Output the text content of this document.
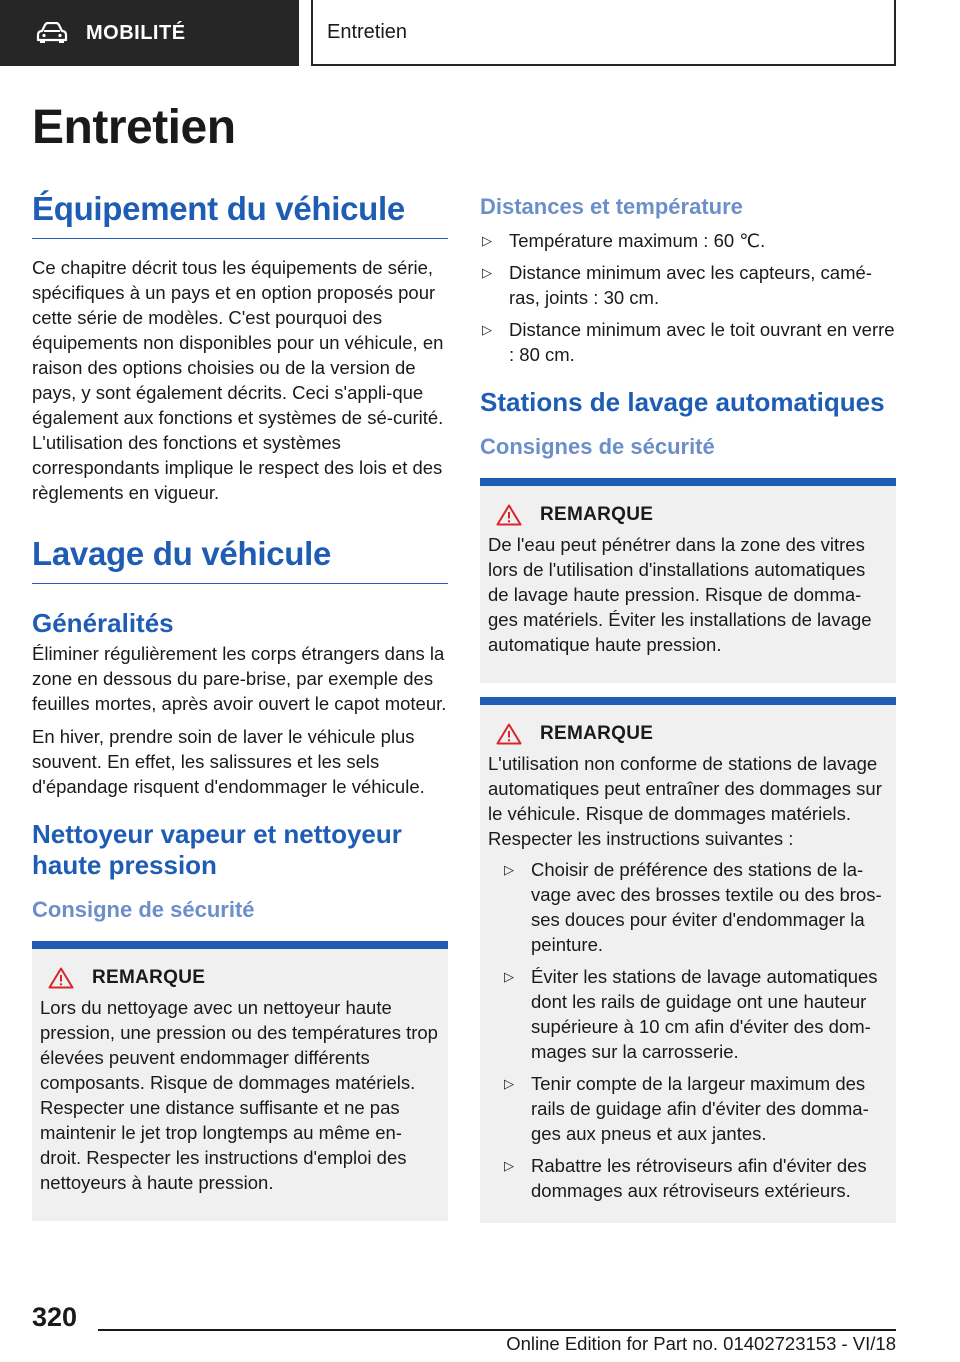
MOBILITÉ	Entretien
Entretien
Équipement du véhicule
Ce chapitre décrit tous les équipements de série, spécifiques à un pays et en option proposés pour cette série de modèles. C'est pourquoi des équipements non disponibles pour un véhicule, en raison des options choisies ou de la version de pays, y sont également décrits. Ceci s'appli-que également aux fonctions et systèmes de sé-curité. L'utilisation des fonctions et systèmes correspondants implique le respect des lois et des règlements en vigueur.
Lavage du véhicule
Généralités
Éliminer régulièrement les corps étrangers dans la zone en dessous du pare-brise, par exemple des feuilles mortes, après avoir ouvert le capot moteur.
En hiver, prendre soin de laver le véhicule plus souvent. En effet, les salissures et les sels d'épandage risquent d'endommager le véhicule.
Nettoyeur vapeur et nettoyeur haute pression
Consigne de sécurité
REMARQUE
Lors du nettoyage avec un nettoyeur haute pression, une pression ou des températures trop élevées peuvent endommager différents composants. Risque de dommages matériels. Respecter une distance suffisante et ne pas maintenir le jet trop longtemps au même en-droit. Respecter les instructions d'emploi des nettoyeurs à haute pression.
Distances et température
▷ Température maximum : 60 ℃.
▷ Distance minimum avec les capteurs, camé-ras, joints : 30 cm.
▷ Distance minimum avec le toit ouvrant en verre : 80 cm.
Stations de lavage automatiques
Consignes de sécurité
REMARQUE
De l'eau peut pénétrer dans la zone des vitres lors de l'utilisation d'installations automatiques de lavage haute pression. Risque de domma-ges matériels. Éviter les installations de lavage automatique haute pression.
REMARQUE
L'utilisation non conforme de stations de lavage automatiques peut entraîner des dommages sur le véhicule. Risque de dommages matériels. Respecter les instructions suivantes :
▷ Choisir de préférence des stations de la-vage avec des brosses textile ou des bros-ses douces pour éviter d'endommager la peinture.
▷ Éviter les stations de lavage automatiques dont les rails de guidage ont une hauteur supérieure à 10 cm afin d'éviter des dom-mages sur la carrosserie.
▷ Tenir compte de la largeur maximum des rails de guidage afin d'éviter des domma-ges aux pneus et aux jantes.
▷ Rabattre les rétroviseurs afin d'éviter des dommages aux rétroviseurs extérieurs.
320
Online Edition for Part no. 01402723153 - VI/18
